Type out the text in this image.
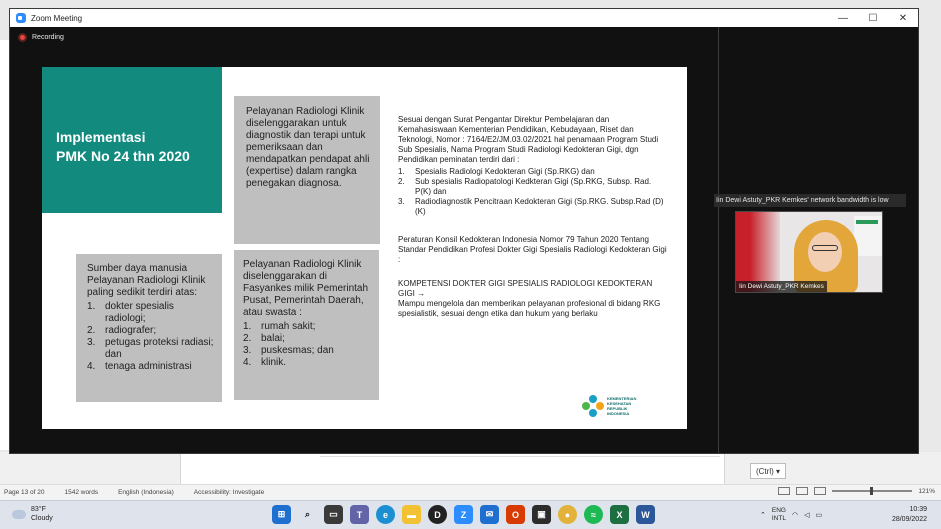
(Ctrl) ▾
Zoom Meeting	—	☐	✕
Recording
Implementasi
PMK No 24 thn 2020
Pelayanan Radiologi Klinik diselenggarakan untuk diagnostik dan terapi untuk pemeriksaan dan mendapatkan pendapat ahli (expertise) dalam rangka penegakan diagnosa.
Sumber daya manusia Pelayanan Radiologi Klinik paling sedikit terdiri atas:
1. dokter spesialis radiologi;
2. radiografer;
3. petugas proteksi radiasi; dan
4. tenaga administrasi
Pelayanan Radiologi Klinik diselenggarakan di Fasyankes milik Pemerintah Pusat, Pemerintah Daerah, atau swasta :
1. rumah sakit;
2. balai;
3. puskesmas; dan
4. klinik.

Sesuai dengan Surat Pengantar Direktur Pembelajaran dan Kemahasiswaan Kementerian Pendidikan, Kebudayaan, Riset dan Teknologi, Nomor : 7164/E2/JM.03.02/2021 hal penamaan Program Studi Sub Spesialis, Nama Program Studi Radiologi Kedokteran Gigi, dgn Pendidikan peminatan terdiri dari :

1.	Spesialis Radiologi Kedokteran Gigi (Sp.RKG) dan
2.	Sub spesialis Radiopatologi Kedkteran Gigi (Sp.RKG, Subsp. Rad. P(K) dan
3.	Radiodiagnostik Pencitraan Kedokteran Gigi (Sp.RKG. Subsp.Rad (D) (K)

Peraturan Konsil Kedokteran Indonesia Nomor 79 Tahun 2020 Tentang Standar Pendidikan Profesi Dokter Gigi Spesialis Radiologi Kedokteran Gigi :

KOMPETENSI DOKTER GIGI SPESIALIS RADIOLOGI KEDOKTERAN GIGI →

Mampu mengelola dan memberikan pelayanan profesional di bidang RKG spesialistik, sesuai dengn etika dan hukum yang berlaku

KEMENTERIAN KESEHATAN REPUBLIK INDONESIA
Iin Dewi Astuty_PKR Kemkes' network bandwidth is low
Iin Dewi Astuty_PKR Kemkes
Page 13 of 20	1542 words	English (Indonesia)	Accessibility: Investigate	121%
83°F
Cloudy	⊞	⌕	▭	T	e	▬	D	Z	✉	O	▣	●	≈	X	W	⌃
ENG
INTL ◠ ◁ ▭
10:39
28/09/2022
